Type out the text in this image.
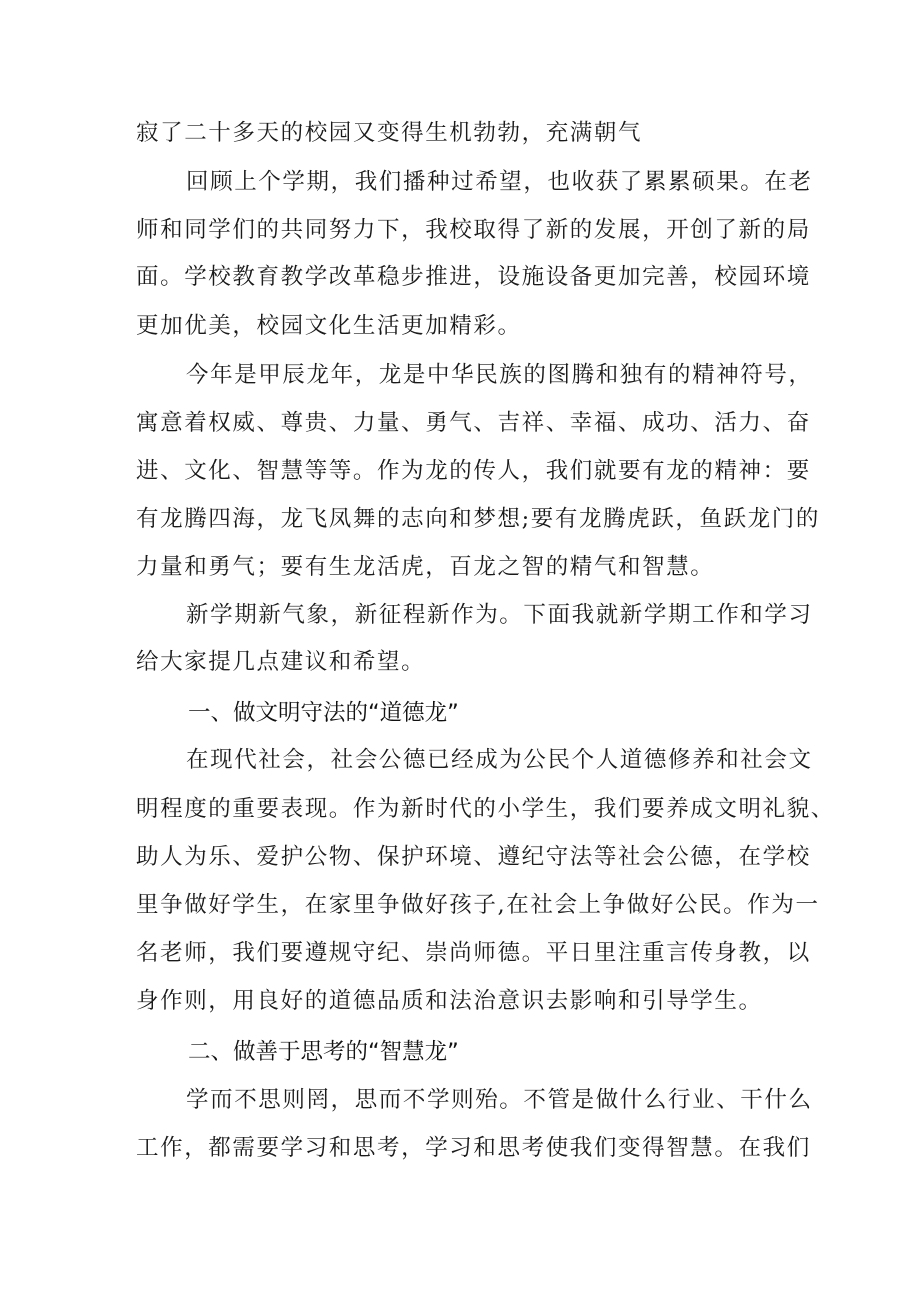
寂了二十多天的校园又变得生机勃勃，充满朝气
回顾上个学期，我们播种过希望，也收获了累累硕果。在老
师和同学们的共同努力下，我校取得了新的发展，开创了新的局
面。学校教育教学改革稳步推进，设施设备更加完善，校园环境
更加优美，校园文化生活更加精彩。
今年是甲辰龙年，龙是中华民族的图腾和独有的精神符号，
寓意着权威、尊贵、力量、勇气、吉祥、幸福、成功、活力、奋
进、文化、智慧等等。作为龙的传人，我们就要有龙的精神：要
有龙腾四海，龙飞凤舞的志向和梦想;要有龙腾虎跃，鱼跃龙门的
力量和勇气；要有生龙活虎，百龙之智的精气和智慧。
新学期新气象，新征程新作为。下面我就新学期工作和学习
给大家提几点建议和希望。
一、做文明守法的“道德龙”
在现代社会，社会公德已经成为公民个人道德修养和社会文
明程度的重要表现。作为新时代的小学生，我们要养成文明礼貌、
助人为乐、爱护公物、保护环境、遵纪守法等社会公德，在学校
里争做好学生，在家里争做好孩子,在社会上争做好公民。作为一
名老师，我们要遵规守纪、崇尚师德。平日里注重言传身教，以
身作则，用良好的道德品质和法治意识去影响和引导学生。
二、做善于思考的“智慧龙”
学而不思则罔，思而不学则殆。不管是做什么行业、干什么
工作，都需要学习和思考，学习和思考使我们变得智慧。在我们
